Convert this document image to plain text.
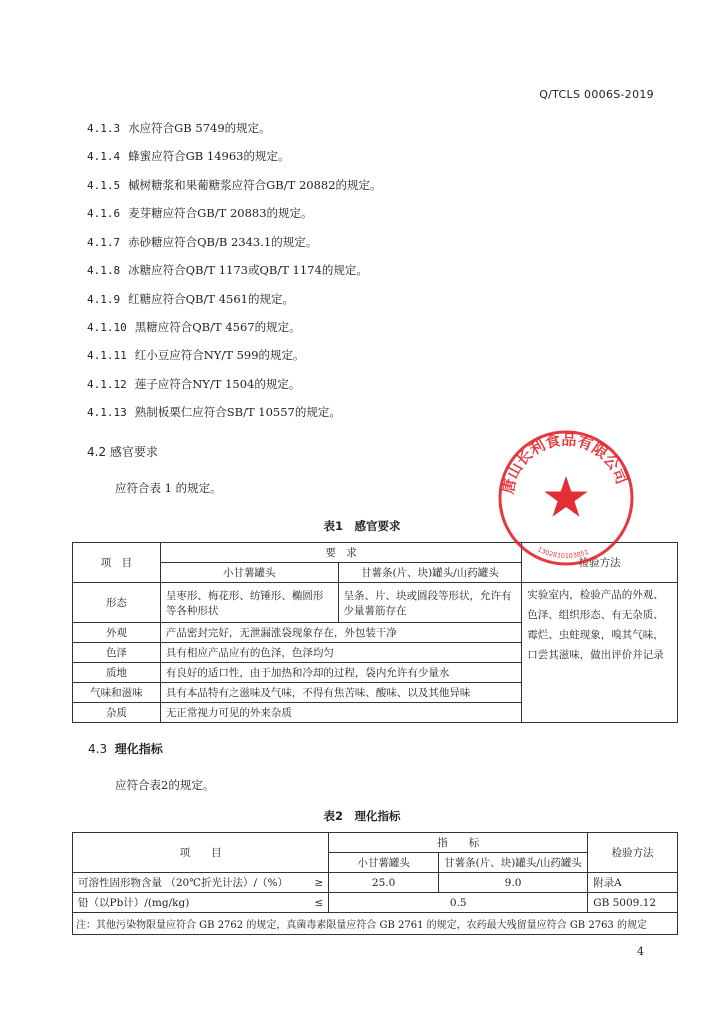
Q/TCLS 0006S-2019
4.1.3 水应符合GB 5749的规定。
4.1.4 蜂蜜应符合GB 14963的规定。
4.1.5 槭树糖浆和果葡糖浆应符合GB/T 20882的规定。
4.1.6 麦芽糖应符合GB/T 20883的规定。
4.1.7 赤砂糖应符合QB/B 2343.1的规定。
4.1.8 冰糖应符合QB/T 1173或QB/T 1174的规定。
4.1.9 红糖应符合QB/T 4561的规定。
4.1.10 黑糖应符合QB/T 4567的规定。
4.1.11 红小豆应符合NY/T 599的规定。
4.1.12 莲子应符合NY/T 1504的规定。
4.1.13 熟制板栗仁应符合SB/T 10557的规定。
4.2 感官要求
应符合表 1 的规定。
表1　感官要求
项　目	要　求		检验方法
	小甘薯罐头	甘薯条(片、块)罐头/山药罐头	
形态	呈枣形、梅花形、纺锤形、椭圆形等各种形状	呈条、片、块或圆段等形状，允许有少量薯筋存在	实验室内，检验产品的外观、色泽、组织形态、有无杂质、霉烂、虫蛀现象，嗅其气味，口尝其滋味，做出评价并记录
外观	产品密封完好，无泄漏涨袋现象存在，外包装干净		
色泽	具有相应产品应有的色泽，色泽均匀		
质地	有良好的适口性，由于加热和冷却的过程，袋内允许有少量水		
气味和滋味	具有本品特有之滋味及气味，不得有焦苦味、酸味、以及其他异味		
杂质	无正常视力可见的外来杂质		
4.3 理化指标
应符合表2的规定。
表2　理化指标
项　　目		指　　标		检验方法
		小甘薯罐头	甘薯条(片、块)罐头/山药罐头	
可溶性固形物含量 （20℃折光计法）/（%）	≥	25.0	9.0	附录A
铅（以Pb计）/(mg/kg)	≤	0.5		GB 5009.12
注：其他污染物限量应符合 GB 2762 的规定，真菌毒素限量应符合 GB 2761 的规定，农药最大残留量应符合 GB 2763 的规定				
4
唐山长利食品有限公司
1302810103851
